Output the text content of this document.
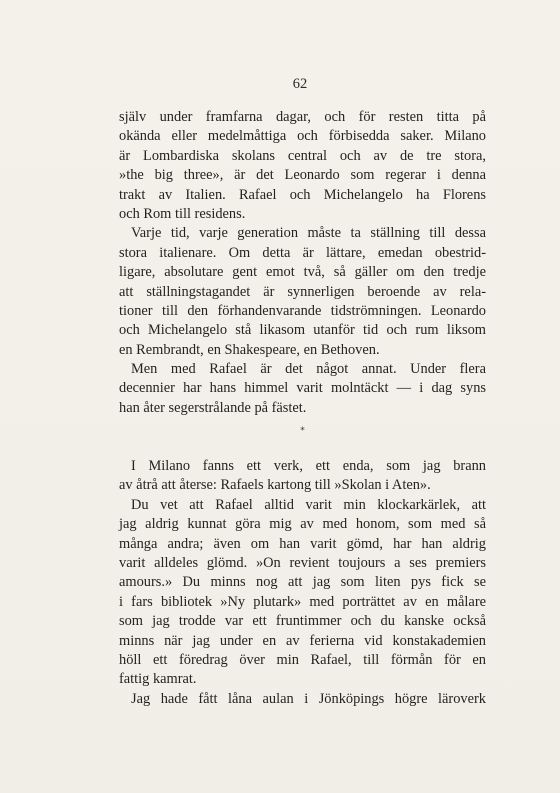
62

själv under framfarna dagar, och för resten titta på
okända eller medelmåttiga och förbisedda saker. Milano
är Lombardiska skolans central och av de tre stora,
»the big three», är det Leonardo som regerar i denna
trakt av Italien. Rafael och Michelangelo ha Florens
och Rom till residens.

Varje tid, varje generation måste ta ställning till dessa
stora italienare. Om detta är lättare, emedan obestrid-
ligare, absolutare gent emot två, så gäller om den tredje
att ställningstagandet är synnerligen beroende av rela-
tioner till den förhandenvarande tidströmningen. Leonardo
och Michelangelo stå likasom utanför tid och rum liksom
en Rembrandt, en Shakespeare, en Bethoven.

Men med Rafael är det något annat. Under flera
decennier har hans himmel varit molntäckt — i dag syns
han åter segerstrålande på fästet.

*

I Milano fanns ett verk, ett enda, som jag brann
av åtrå att återse: Rafaels kartong till »Skolan i Aten».

Du vet att Rafael alltid varit min klockarkärlek, att
jag aldrig kunnat göra mig av med honom, som med så
många andra; även om han varit gömd, har han aldrig
varit alldeles glömd. »On revient toujours a ses premiers
amours.» Du minns nog att jag som liten pys fick se
i fars bibliotek »Ny plutark» med porträttet av en målare
som jag trodde var ett fruntimmer och du kanske också
minns när jag under en av ferierna vid konstakademien
höll ett föredrag över min Rafael, till förmån för en
fattig kamrat.

Jag hade fått låna aulan i Jönköpings högre läroverk
